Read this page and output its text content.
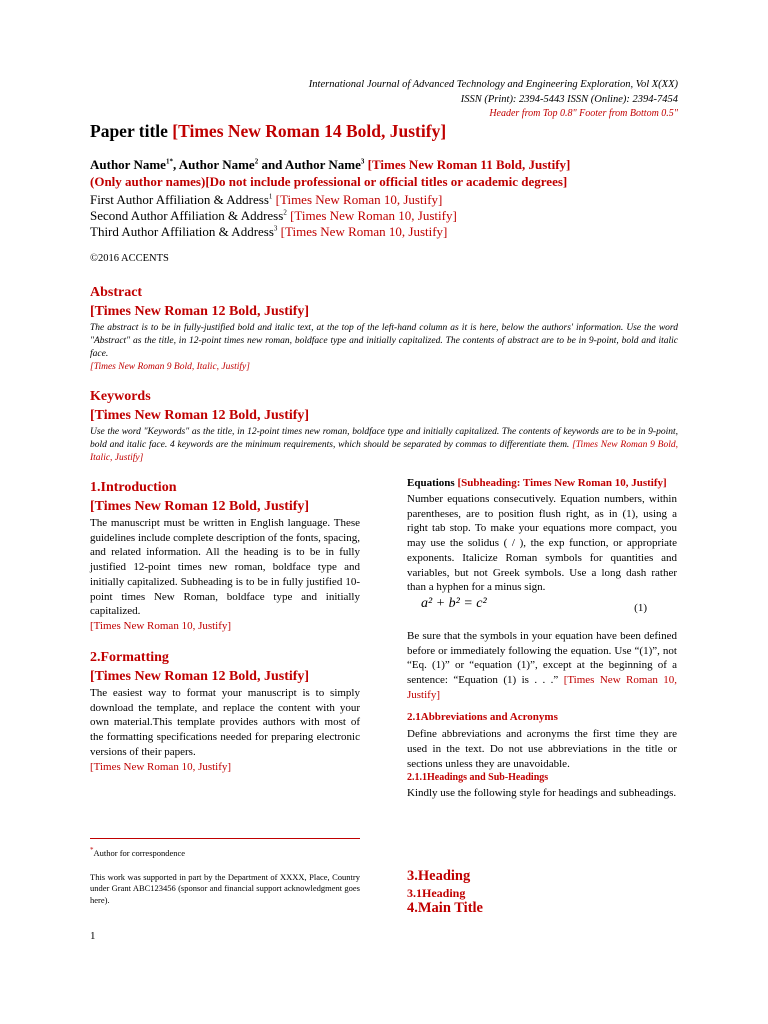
International Journal of Advanced Technology and Engineering Exploration, Vol X(XX)
ISSN (Print): 2394-5443 ISSN (Online): 2394-7454
Header from Top 0.8" Footer from Bottom 0.5"
Paper title [Times New Roman 14 Bold, Justify]
Author Name$^{1*}$, Author Name$^2$ and Author Name$^3$ [Times New Roman 11 Bold, Justify]
(Only author names)[Do not include professional or official titles or academic degrees]
First Author Affiliation & Address$^1$ [Times New Roman 10, Justify]
Second Author Affiliation & Address$^2$ [Times New Roman 10, Justify]
Third Author Affiliation & Address$^3$ [Times New Roman 10, Justify]
©2016 ACCENTS
Abstract
[Times New Roman 12 Bold, Justify]
The abstract is to be in fully-justified bold and italic text, at the top of the left-hand column as it is here, below the authors' information. Use the word "Abstract" as the title, in 12-point times new roman, boldface type and initially capitalized. The contents of abstract are to be in 9-point, bold and italic face.
[Times New Roman 9 Bold, Italic, Justify]
Keywords
[Times New Roman 12 Bold, Justify]
Use the word "Keywords" as the title, in 12-point times new roman, boldface type and initially capitalized. The contents of keywords are to be in 9-point, bold and italic face. 4 keywords are the minimum requirements, which should be separated by commas to differentiate them. [Times New Roman 9 Bold, Italic, Justify]
1.Introduction
[Times New Roman 12 Bold, Justify]

The manuscript must be written in English language. These guidelines include complete description of the fonts, spacing, and related information. All the heading is to be in fully justified 12-point times new roman, boldface type and initially capitalized. Subheading is to be in fully justified 10-point times New Roman, boldface type and initially capitalized.

[Times New Roman 10, Justify]

2.Formatting
[Times New Roman 12 Bold, Justify]

The easiest way to format your manuscript is to simply download the template, and replace the content with your own material.This template provides authors with most of the formatting specifications needed for preparing electronic versions of their papers.

[Times New Roman 10, Justify]

*Author for correspondence
This work was supported in part by the Department of XXXX, Place, Country under Grant ABC123456 (sponsor and financial support acknowledgment goes here).
1
Equations [Subheading: Times New Roman 10, Justify]

Number equations consecutively. Equation numbers, within parentheses, are to position flush right, as in (1), using a right tab stop. To make your equations more compact, you may use the solidus ( / ), the exp function, or appropriate exponents. Italicize Roman symbols for quantities and variables, but not Greek symbols. Use a long dash rather than a hyphen for a minus sign.

a² + b² = c²	(1)

Be sure that the symbols in your equation have been defined before or immediately following the equation. Use “(1)”, not “Eq. (1)” or “equation (1)”, except at the beginning of a sentence: “Equation (1) is . . .” [Times New Roman 10, Justify]

2.1Abbreviations and Acronyms

Define abbreviations and acronyms the first time they are used in the text. Do not use abbreviations in the title or sections unless they are unavoidable.

2.1.1Headings and Sub-Headings

Kindly use the following style for headings and subheadings.

3.Heading
3.1Heading
4.Main Title
